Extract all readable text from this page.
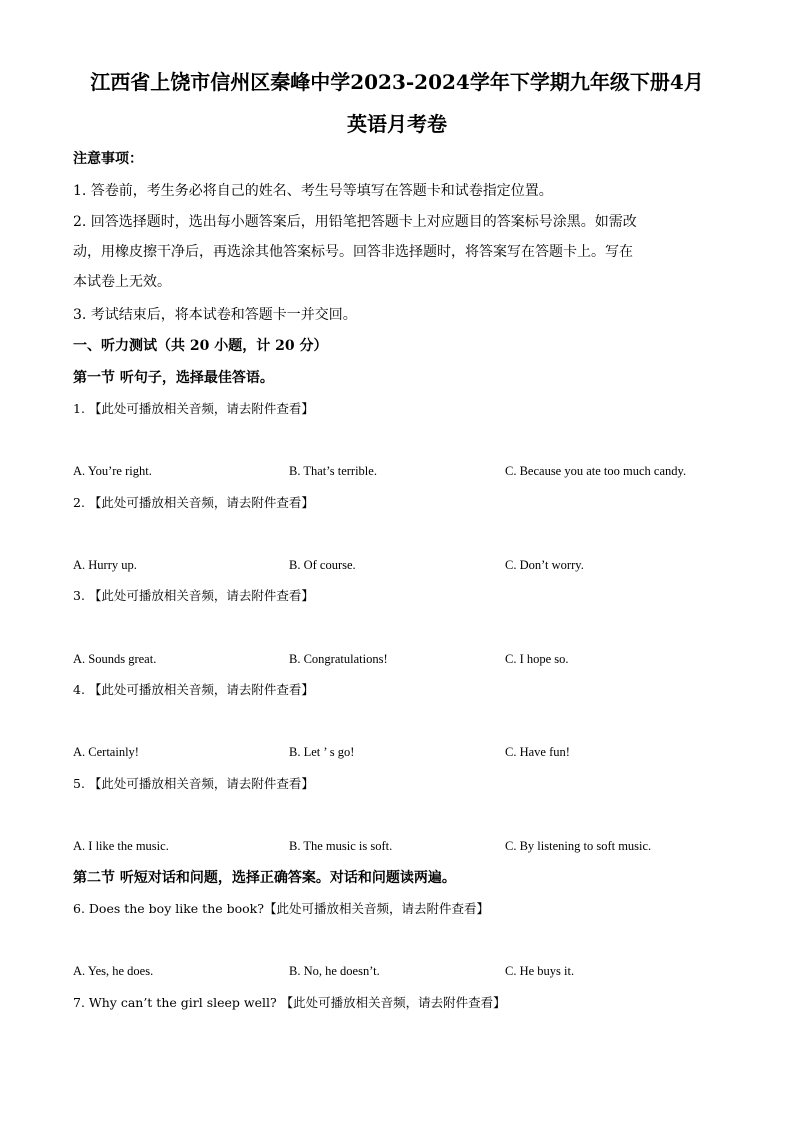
江西省上饶市信州区秦峰中学2023-2024学年下学期九年级下册4月
英语月考卷
注意事项：
1. 答卷前，考生务必将自己的姓名、考生号等填写在答题卡和试卷指定位置。
2. 回答选择题时，选出每小题答案后，用铅笔把答题卡上对应题目的答案标号涂黑。如需改
动，用橡皮擦干净后，再选涂其他答案标号。回答非选择题时，将答案写在答题卡上。写在
本试卷上无效。
3. 考试结束后，将本试卷和答题卡一并交回。
一、听力测试（共 20 小题，计 20 分）
第一节 听句子，选择最佳答语。
1. 【此处可播放相关音频，请去附件查看】
A. You’re right.	B. That’s terrible.	C. Because you ate too much candy.
2. 【此处可播放相关音频，请去附件查看】
A. Hurry up.	B. Of course.	C. Don’t worry.
3. 【此处可播放相关音频，请去附件查看】
A. Sounds great.	B. Congratulations!	C. I hope so.
4. 【此处可播放相关音频，请去附件查看】
A. Certainly!	B. Let ’ s go!	C. Have fun!
5. 【此处可播放相关音频，请去附件查看】
A. I like the music.	B. The music is soft.	C. By listening to soft music.
第二节 听短对话和问题，选择正确答案。对话和问题读两遍。
6. Does the boy like the book?【此处可播放相关音频，请去附件查看】
A. Yes, he does.	B. No, he doesn’t.	C. He buys it.
7. Why can’t the girl sleep well? 【此处可播放相关音频，请去附件查看】
